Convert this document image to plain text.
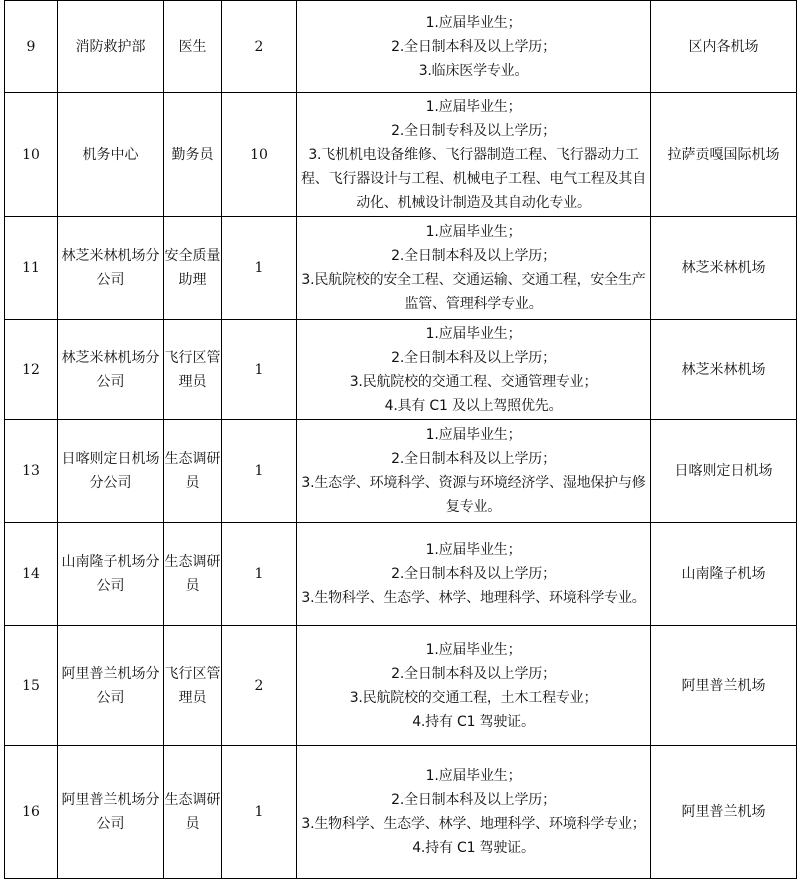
9	消防救护部	医生	2	1.应届毕业生；
2.全日制本科及以上学历；
3.临床医学专业。	区内各机场
10	机务中心	勤务员	10	1.应届毕业生；
2.全日制专科及以上学历；
3.飞机机电设备维修、飞行器制造工程、飞行器动力工程、飞行器设计与工程、机械电子工程、电气工程及其自动化、机械设计制造及其自动化专业。	拉萨贡嘎国际机场
11	林芝米林机场分公司	安全质量助理	1	1.应届毕业生；
2.全日制本科及以上学历；
3.民航院校的安全工程、交通运输、交通工程，安全生产监管、管理科学专业。	林芝米林机场
12	林芝米林机场分公司	飞行区管理员	1	1.应届毕业生；
2.全日制本科及以上学历；
3.民航院校的交通工程、交通管理专业；
4.具有 C1 及以上驾照优先。	林芝米林机场
13	日喀则定日机场分公司	生态调研员	1	1.应届毕业生；
2.全日制本科及以上学历；
3.生态学、环境科学、资源与环境经济学、湿地保护与修复专业。	日喀则定日机场
14	山南隆子机场分公司	生态调研员	1	1.应届毕业生；
2.全日制本科及以上学历；
3.生物科学、生态学、林学、地理科学、环境科学专业。	山南隆子机场
15	阿里普兰机场分公司	飞行区管理员	2	1.应届毕业生；
2.全日制本科及以上学历；
3.民航院校的交通工程，土木工程专业；
4.持有 C1 驾驶证。	阿里普兰机场
16	阿里普兰机场分公司	生态调研员	1	1.应届毕业生；
2.全日制本科及以上学历；
3.生物科学、生态学、林学、地理科学、环境科学专业；
4.持有 C1 驾驶证。	阿里普兰机场
